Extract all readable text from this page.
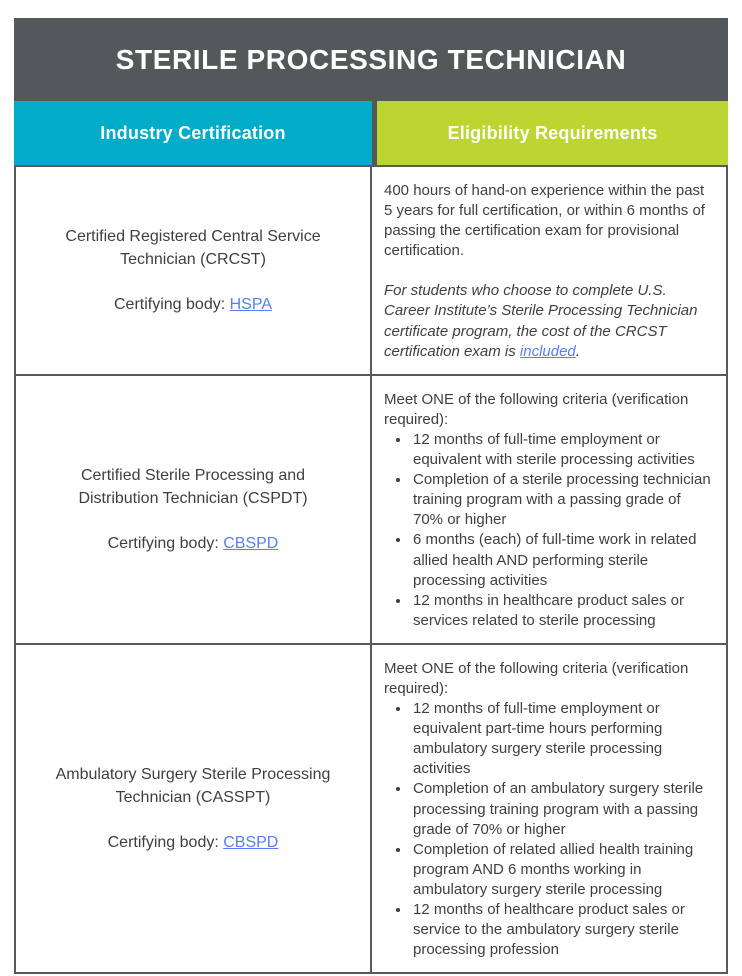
STERILE PROCESSING TECHNICIAN
Industry Certification	Eligibility Requirements
Certified Registered Central Service Technician (CRCST)
Certifying body: HSPA

400 hours of hand-on experience within the past 5 years for full certification, or within 6 months of passing the certification exam for provisional certification.

For students who choose to complete U.S. Career Institute’s Sterile Processing Technician certificate program, the cost of the CRCST certification exam is included.

Certified Sterile Processing and Distribution Technician (CSPDT)
Certifying body: CBSPD

Meet ONE of the following criteria (verification required):

• 12 months of full-time employment or equivalent with sterile processing activities
• Completion of a sterile processing technician training program with a passing grade of 70% or higher
• 6 months (each) of full-time work in related allied health AND performing sterile processing activities
• 12 months in healthcare product sales or services related to sterile processing
Ambulatory Surgery Sterile Processing Technician (CASSPT)
Certifying body: CBSPD

Meet ONE of the following criteria (verification required):

• 12 months of full-time employment or equivalent part-time hours performing ambulatory surgery sterile processing activities
• Completion of an ambulatory surgery sterile processing training program with a passing grade of 70% or higher
• Completion of related allied health training program AND 6 months working in ambulatory surgery sterile processing
• 12 months of healthcare product sales or service to the ambulatory surgery sterile processing profession
